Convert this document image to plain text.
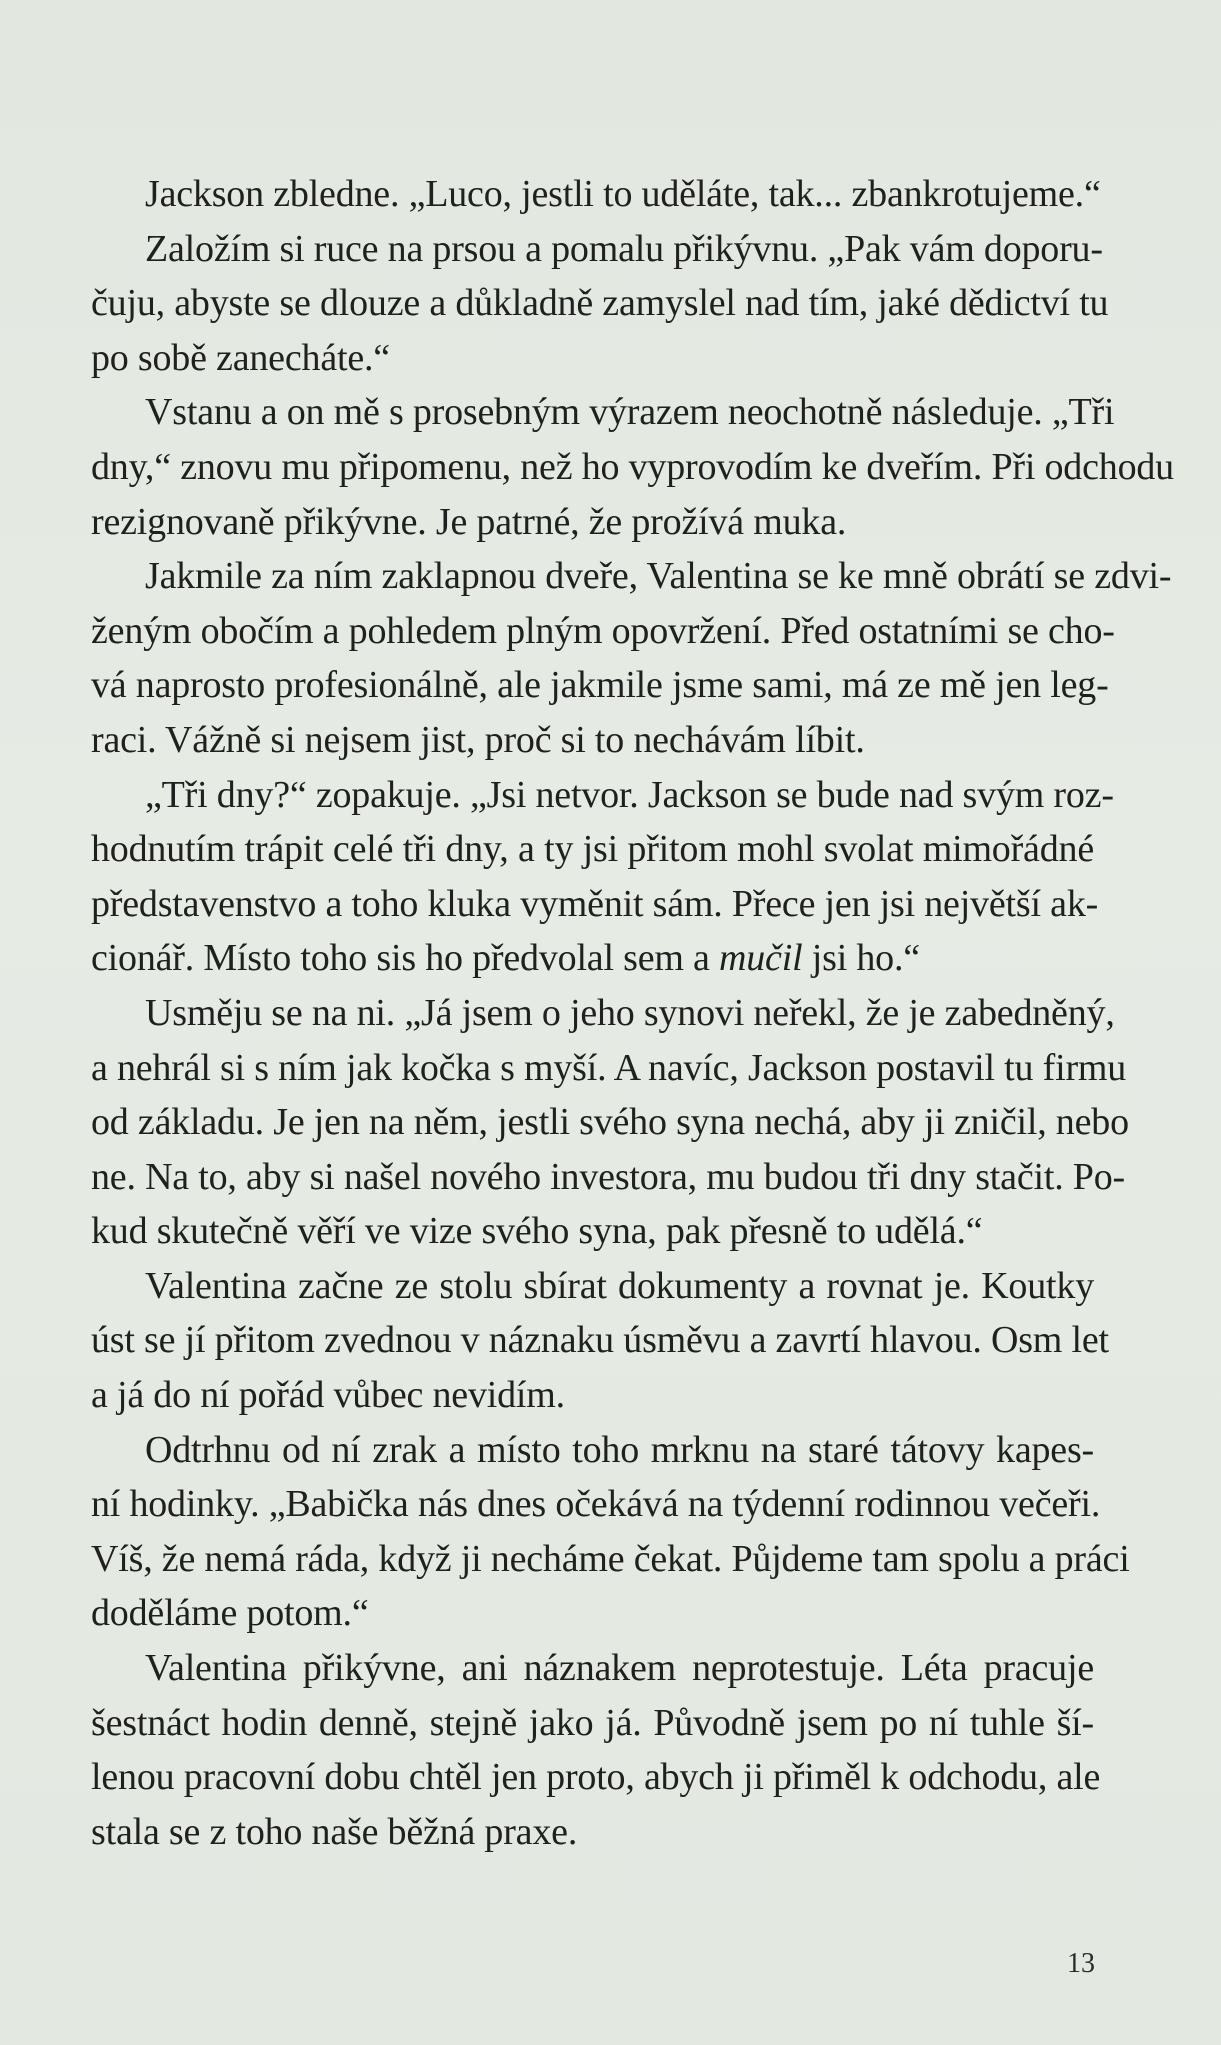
Jackson zbledne. „Luco, jestli to uděláte, tak... zbankrotujeme.“
Založím si ruce na prsou a pomalu přikývnu. „Pak vám doporu-
čuju, abyste se dlouze a důkladně zamyslel nad tím, jaké dědictví tu
po sobě zanecháte.“
Vstanu a on mě s prosebným výrazem neochotně následuje. „Tři
dny,“ znovu mu připomenu, než ho vyprovodím ke dveřím. Při odchodu
rezignovaně přikývne. Je patrné, že prožívá muka.
Jakmile za ním zaklapnou dveře, Valentina se ke mně obrátí se zdvi-
ženým obočím a pohledem plným opovržení. Před ostatními se cho-
vá naprosto profesionálně, ale jakmile jsme sami, má ze mě jen leg-
raci. Vážně si nejsem jist, proč si to nechávám líbit.
„Tři dny?“ zopakuje. „Jsi netvor. Jackson se bude nad svým roz-
hodnutím trápit celé tři dny, a ty jsi přitom mohl svolat mimořádné
představenstvo a toho kluka vyměnit sám. Přece jen jsi největší ak-
cionář. Místo toho sis ho předvolal sem a mučil jsi ho.“
Usměju se na ni. „Já jsem o jeho synovi neřekl, že je zabedněný,
a nehrál si s ním jak kočka s myší. A navíc, Jackson postavil tu firmu
od základu. Je jen na něm, jestli svého syna nechá, aby ji zničil, nebo
ne. Na to, aby si našel nového investora, mu budou tři dny stačit. Po-
kud skutečně věří ve vize svého syna, pak přesně to udělá.“
Valentina začne ze stolu sbírat dokumenty a rovnat je. Koutky
úst se jí přitom zvednou v náznaku úsměvu a zavrtí hlavou. Osm let
a já do ní pořád vůbec nevidím.
Odtrhnu od ní zrak a místo toho mrknu na staré tátovy kapes-
ní hodinky. „Babička nás dnes očekává na týdenní rodinnou večeři.
Víš, že nemá ráda, když ji necháme čekat. Půjdeme tam spolu a práci
doděláme potom.“
Valentina přikývne, ani náznakem neprotestuje. Léta pracuje
šestnáct hodin denně, stejně jako já. Původně jsem po ní tuhle ší-
lenou pracovní dobu chtěl jen proto, abych ji přiměl k odchodu, ale
stala se z toho naše běžná praxe.
13
